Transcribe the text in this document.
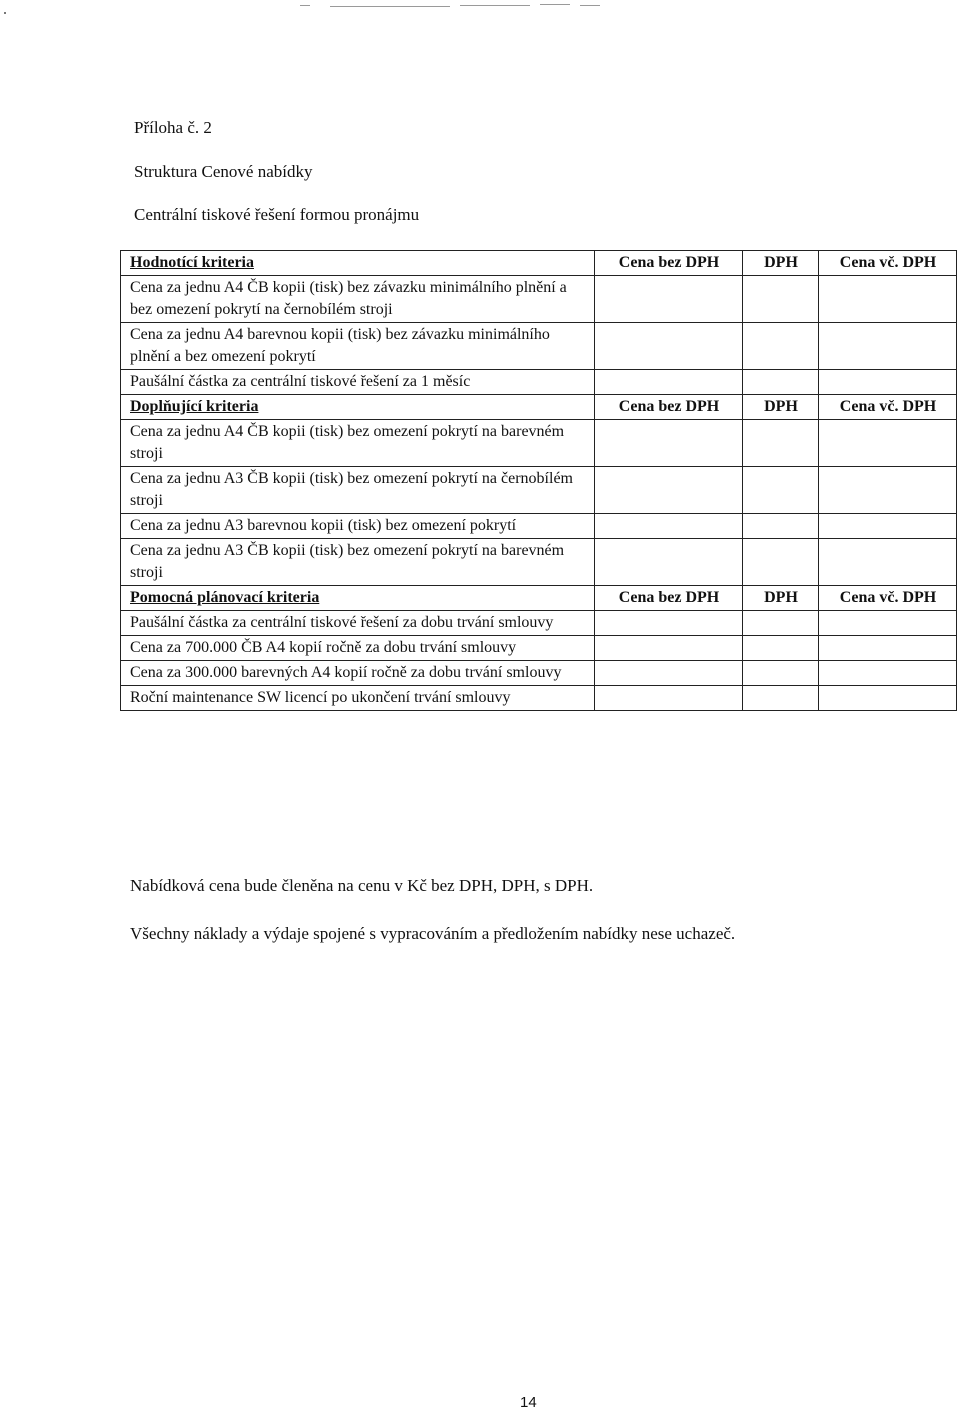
Příloha č. 2
Struktura Cenové nabídky
Centrální tiskové řešení formou pronájmu
Hodnotící kriteria	Cena bez DPH	DPH	Cena vč. DPH
Cena za jednu A4 ČB kopii (tisk) bez závazku minimálního plnění a bez omezení pokrytí na černobílém stroji			
Cena za jednu A4 barevnou kopii (tisk) bez závazku minimálního plnění a bez omezení pokrytí			
Paušální částka za centrální tiskové řešení za 1 měsíc			
Doplňující kriteria	Cena bez DPH	DPH	Cena vč. DPH
Cena za jednu A4 ČB kopii (tisk) bez omezení pokrytí na barevném stroji			
Cena za jednu A3 ČB kopii (tisk) bez omezení pokrytí na černobílém stroji			
Cena za jednu A3 barevnou kopii (tisk) bez omezení pokrytí			
Cena za jednu A3 ČB kopii (tisk) bez omezení pokrytí na barevném stroji			
Pomocná plánovací kriteria	Cena bez DPH	DPH	Cena vč. DPH
Paušální částka za centrální tiskové řešení za dobu trvání smlouvy			
Cena za 700.000 ČB A4 kopií ročně za dobu trvání smlouvy			
Cena za 300.000 barevných A4 kopií ročně za dobu trvání smlouvy			
Roční maintenance SW licencí po ukončení trvání smlouvy			
Nabídková cena bude členěna na cenu v Kč bez DPH, DPH, s DPH.
Všechny náklady a výdaje spojené s vypracováním a předložením nabídky nese uchazeč.
14
